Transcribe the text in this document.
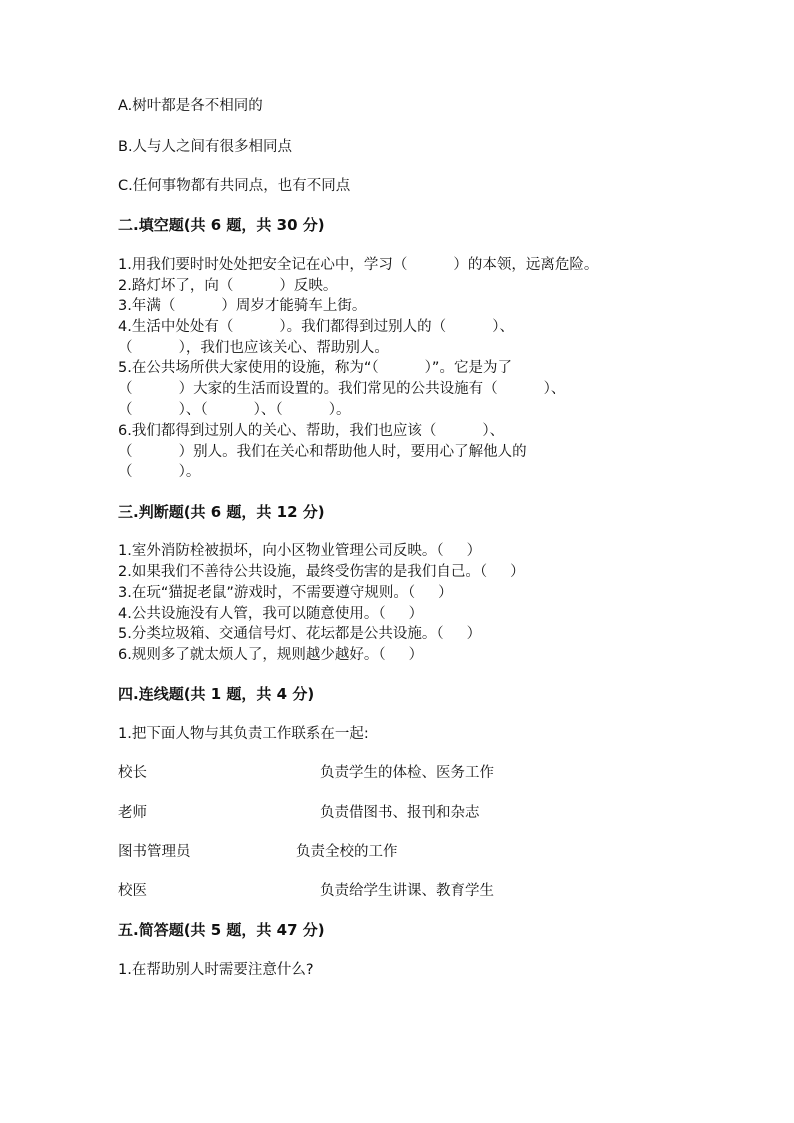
A.树叶都是各不相同的
B.人与人之间有很多相同点
C.任何事物都有共同点，也有不同点
二.填空题(共 6 题，共 30 分)
1.用我们要时时处处把安全记在心中，学习（          ）的本领，远离危险。
2.路灯坏了，向（          ）反映。
3.年满（          ）周岁才能骑车上街。
4.生活中处处有（          ）。我们都得到过别人的（          ）、
（          ），我们也应该关心、帮助别人。
5.在公共场所供大家使用的设施，称为“（          ）”。它是为了
（          ）大家的生活而设置的。我们常见的公共设施有（          ）、
（          ）、（          ）、（          ）。
6.我们都得到过别人的关心、帮助，我们也应该（          ）、
（          ）别人。我们在关心和帮助他人时，要用心了解他人的
（          ）。
三.判断题(共 6 题，共 12 分)
1.室外消防栓被损坏，向小区物业管理公司反映。（     ）
2.如果我们不善待公共设施，最终受伤害的是我们自己。（     ）
3.在玩“猫捉老鼠”游戏时，不需要遵守规则。（     ）
4.公共设施没有人管，我可以随意使用。（     ）
5.分类垃圾箱、交通信号灯、花坛都是公共设施。（     ）
6.规则多了就太烦人了，规则越少越好。（     ）
四.连线题(共 1 题，共 4 分)
1.把下面人物与其负责工作联系在一起:
校长	负责学生的体检、医务工作
老师	负责借图书、报刊和杂志
图书管理员	负责全校的工作
校医	负责给学生讲课、教育学生
五.简答题(共 5 题，共 47 分)
1.在帮助别人时需要注意什么?
